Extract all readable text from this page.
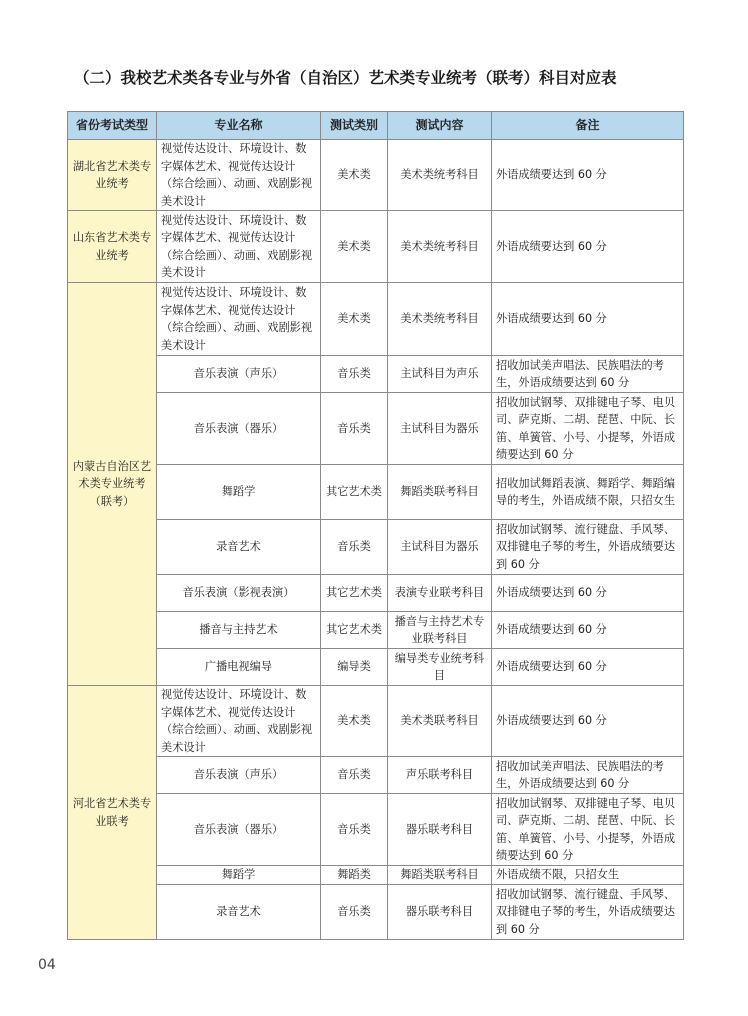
（二）我校艺术类各专业与外省（自治区）艺术类专业统考（联考）科目对应表
省份考试类型	专业名称	测试类别	测试内容	备注
湖北省艺术类专业统考	视觉传达设计、环境设计、数字媒体艺术、视觉传达设计（综合绘画）、动画、戏剧影视美术设计	美术类	美术类统考科目	外语成绩要达到 60 分
山东省艺术类专业统考	视觉传达设计、环境设计、数字媒体艺术、视觉传达设计（综合绘画）、动画、戏剧影视美术设计	美术类	美术类统考科目	外语成绩要达到 60 分
内蒙古自治区艺术类专业统考（联考）	视觉传达设计、环境设计、数字媒体艺术、视觉传达设计（综合绘画）、动画、戏剧影视美术设计	美术类	美术类统考科目	外语成绩要达到 60 分
	音乐表演（声乐）	音乐类	主试科目为声乐	招收加试美声唱法、民族唱法的考生，外语成绩要达到 60 分
	音乐表演（器乐）	音乐类	主试科目为器乐	招收加试钢琴、双排键电子琴、电贝司、萨克斯、二胡、琵琶、中阮、长笛、单簧管、小号、小提琴，外语成绩要达到 60 分
	舞蹈学	其它艺术类	舞蹈类联考科目	招收加试舞蹈表演、舞蹈学、舞蹈编导的考生，外语成绩不限，只招女生
	录音艺术	音乐类	主试科目为器乐	招收加试钢琴、流行键盘、手风琴、双排键电子琴的考生，外语成绩要达到 60 分
	音乐表演（影视表演）	其它艺术类	表演专业联考科目	外语成绩要达到 60 分
	播音与主持艺术	其它艺术类	播音与主持艺术专业联考科目	外语成绩要达到 60 分
	广播电视编导	编导类	编导类专业统考科目	外语成绩要达到 60 分
河北省艺术类专业联考	视觉传达设计、环境设计、数字媒体艺术、视觉传达设计（综合绘画）、动画、戏剧影视美术设计	美术类	美术类联考科目	外语成绩要达到 60 分
	音乐表演（声乐）	音乐类	声乐联考科目	招收加试美声唱法、民族唱法的考生，外语成绩要达到 60 分
	音乐表演（器乐）	音乐类	器乐联考科目	招收加试钢琴、双排键电子琴、电贝司、萨克斯、二胡、琵琶、中阮、长笛、单簧管、小号、小提琴，外语成绩要达到 60 分
	舞蹈学	舞蹈类	舞蹈类联考科目	外语成绩不限，只招女生
	录音艺术	音乐类	器乐联考科目	招收加试钢琴、流行键盘、手风琴、双排键电子琴的考生，外语成绩要达到 60 分
04
